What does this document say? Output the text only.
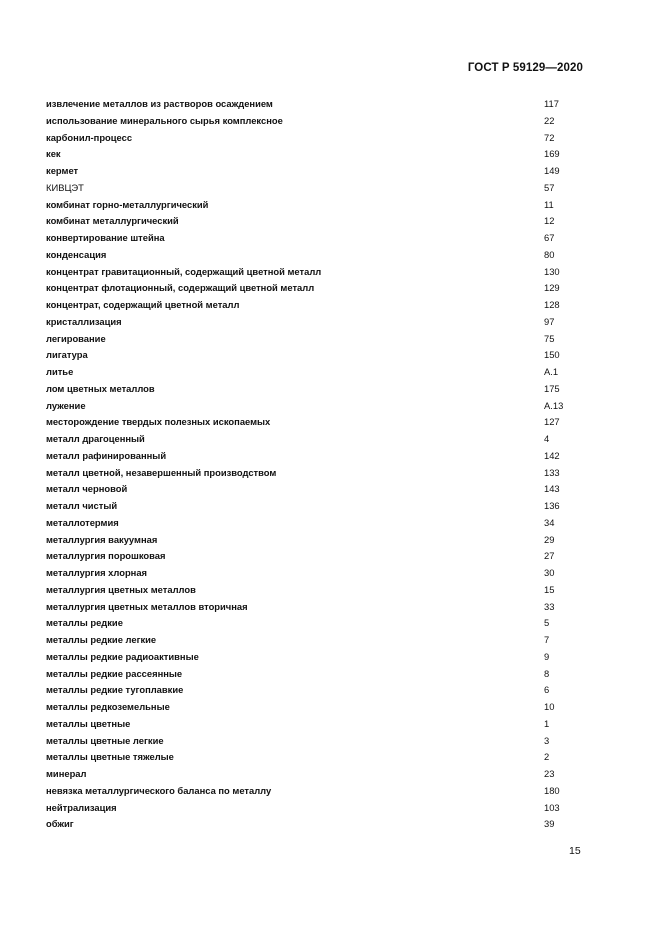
ГОСТ Р 59129—2020
извлечение металлов из растворов осаждением	117
использование минерального сырья комплексное	22
карбонил-процесс	72
кек	169
кермет	149
КИВЦЭТ	57
комбинат горно-металлургический	11
комбинат металлургический	12
конвертирование штейна	67
конденсация	80
концентрат гравитационный, содержащий цветной металл	130
концентрат флотационный, содержащий цветной металл	129
концентрат, содержащий цветной металл	128
кристаллизация	97
легирование	75
лигатура	150
литье	А.1
лом цветных металлов	175
лужение	А.13
месторождение твердых полезных ископаемых	127
металл драгоценный	4
металл рафинированный	142
металл цветной, незавершенный производством	133
металл черновой	143
металл чистый	136
металлотермия	34
металлургия вакуумная	29
металлургия порошковая	27
металлургия хлорная	30
металлургия цветных металлов	15
металлургия цветных металлов вторичная	33
металлы редкие	5
металлы редкие легкие	7
металлы редкие радиоактивные	9
металлы редкие рассеянные	8
металлы редкие тугоплавкие	6
металлы редкоземельные	10
металлы цветные	1
металлы цветные легкие	3
металлы цветные тяжелые	2
минерал	23
невязка металлургического баланса по металлу	180
нейтрализация	103
обжиг	39
15
